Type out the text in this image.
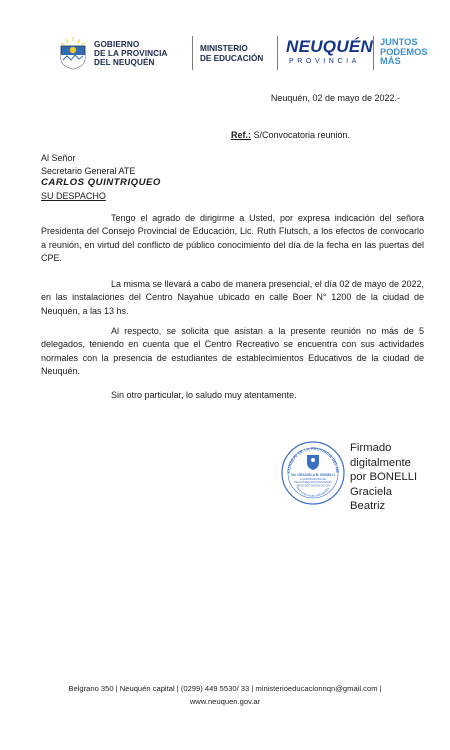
GOBIERNO
DE LA PROVINCIA
DEL NEUQUÉN
MINISTERIO
DE EDUCACIÓN
NEUQUÉN
PROVINCIA
JUNTOS
PODEMOS
MÁS
Neuquén, 02 de mayo de 2022.-
Ref.: S/Convocatoria reunión.
Al Señor
Secretario General ATE
CARLOS QUINTRIQUEO
SU DESPACHO

Tengo el agrado de dirigirme a Usted, por expresa indicación del señora Presidenta del Consejo Provincial de Educación, Lic. Ruth Flutsch, a los efectos de convocarlo a reunión, en virtud del conflicto de público conocimiento del día de la fecha en las puertas del CPE.

La misma se llevará a cabo de manera presencial, el día 02 de mayo de 2022, en las instalaciones del Centro Nayahue ubicado en calle Boer N° 1200 de la ciudad de Neuquén, a las 13 hs.

Al respecto, se solicita que asistan a la presente reunión no más de 5 delegados, teniendo en cuenta que el Centro Recreativo se encuentra con sus actividades normales con la presencia de estudiantes de establecimientos Educativos de la ciudad de Neuquén.

Sin otro particular, lo saludo muy atentamente.

CONSEJO DE LA PROVINCIA DEL NE
Tal. GRACIELA B. BONELLI
COORDINADORA DE
RELACIONES INSTITUCIONALES
MINISTERIO DE EDUCACIÓN
PROVINCIA DEL NEUQUÉN
Firmado
digitalmente
por BONELLI
Graciela
Beatriz
Belgrano 350 | Neuquén capital | (0299) 449 5530/ 33 | ministerioeducacionnqn@gmail.com |
www.neuquen.gov.ar
